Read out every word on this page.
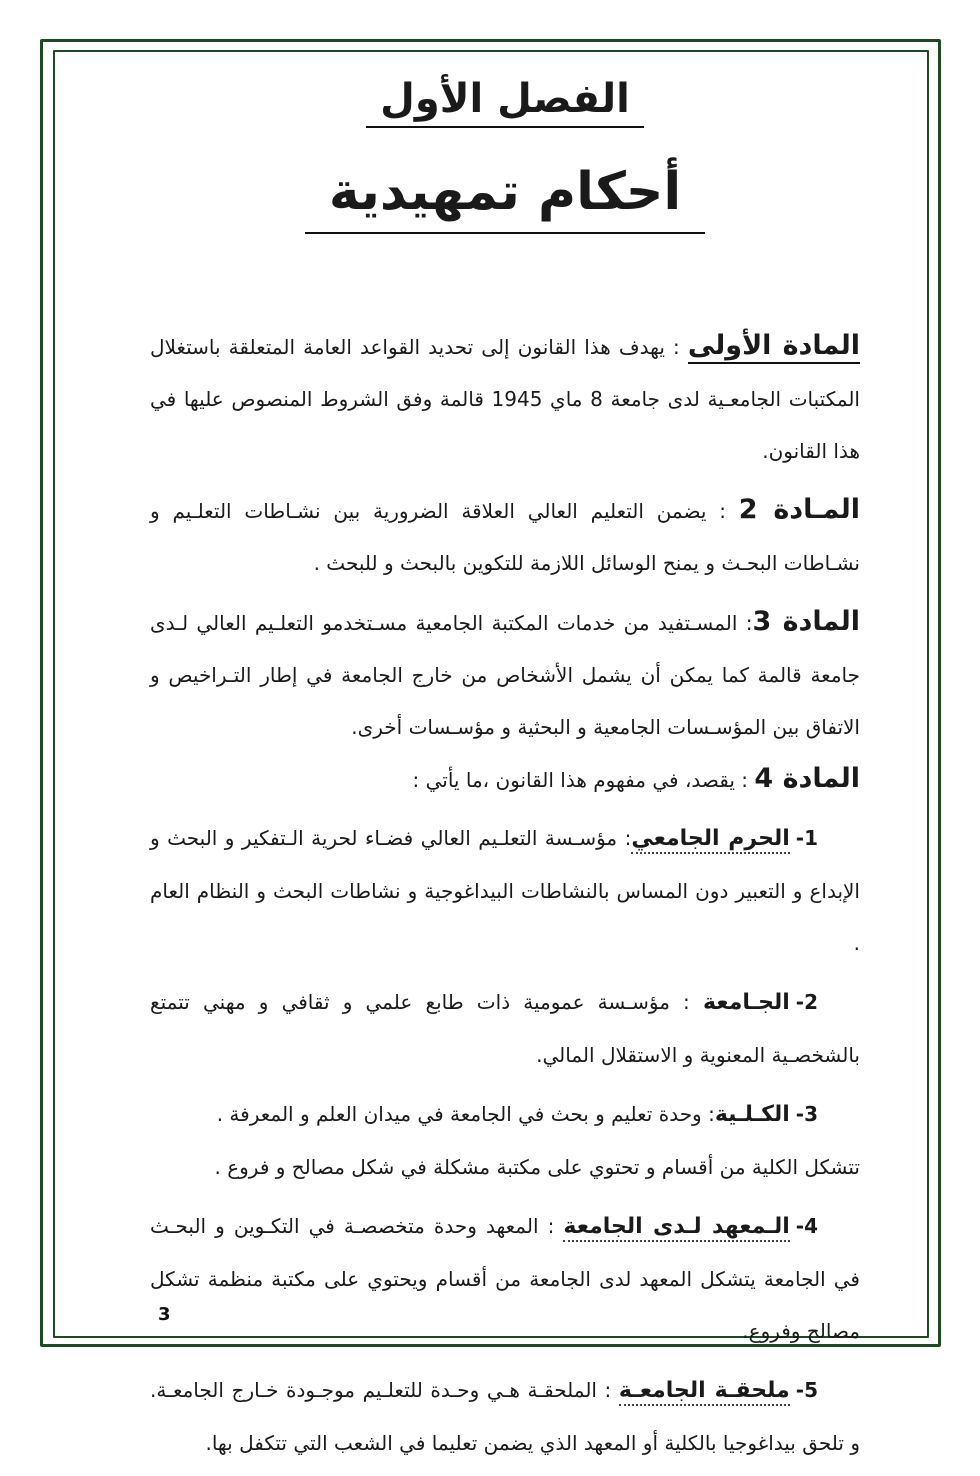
الفصل الأول
أحكام تمهيدية

المادة الأولى : يهدف هذا القانون إلى تحديد القواعد العامة المتعلقة باستغلال المكتبات الجامعـية لدى جامعة 8 ماي 1945 قالمة وفق الشروط المنصوص عليها في هذا القانون.

المـادة 2 : يضمن التعليم العالي العلاقة الضرورية بين نشـاطات التعلـيم و نشـاطات البحـث و يمنح الوسائل اللازمة للتكوين بالبحث و للبحث .

المادة 3: المسـتفيد من خدمات المكتبة الجامعية مسـتخدمو التعلـيم العالي لـدى جامعة قالمة كما يمكن أن يشمل الأشخاص من خارج الجامعة في إطار التـراخيص و الاتفاق بين المؤسـسات الجامعية و البحثية و مؤسـسات أخرى.

المادة 4 : يقصد، في مفهوم هذا القانون ،ما يأتي :

1-الحرم الجامعي: مؤسـسة التعلـيم العالي فضـاء لحرية الـتفكير و البحث و الإبداع و التعبير دون المساس بالنشاطات البيداغوجية و نشاطات البحث و النظام العام .

2-الجـامعة : مؤسـسة عمومية ذات طابع علمي و ثقافي و مهني تتمتع بالشخصـية المعنوية و الاستقلال المالي.

3-الكـلـية: وحدة تعليم و بحث في الجامعة في ميدان العلم و المعرفة .
تتشكل الكلية من أقسام و تحتوي على مكتبة مشكلة في شكل مصالح و فروع .

4-الـمعهد لـدى الجامعة : المعهد وحدة متخصصـة في التكـوين و البحـث في الجامعة يتشكل المعهد لدى الجامعة من أقسام ويحتوي على مكتبة منظمة تشكل مصالح وفروع.

5-ملحقـة الجامعـة : الملحقـة هـي وحـدة للتعلـيم موجـودة خـارج الجامعـة. و تلحق بيداغوجيا بالكلية أو المعهد الذي يضمن تعليما في الشعب التي تتكفل بها.

3
